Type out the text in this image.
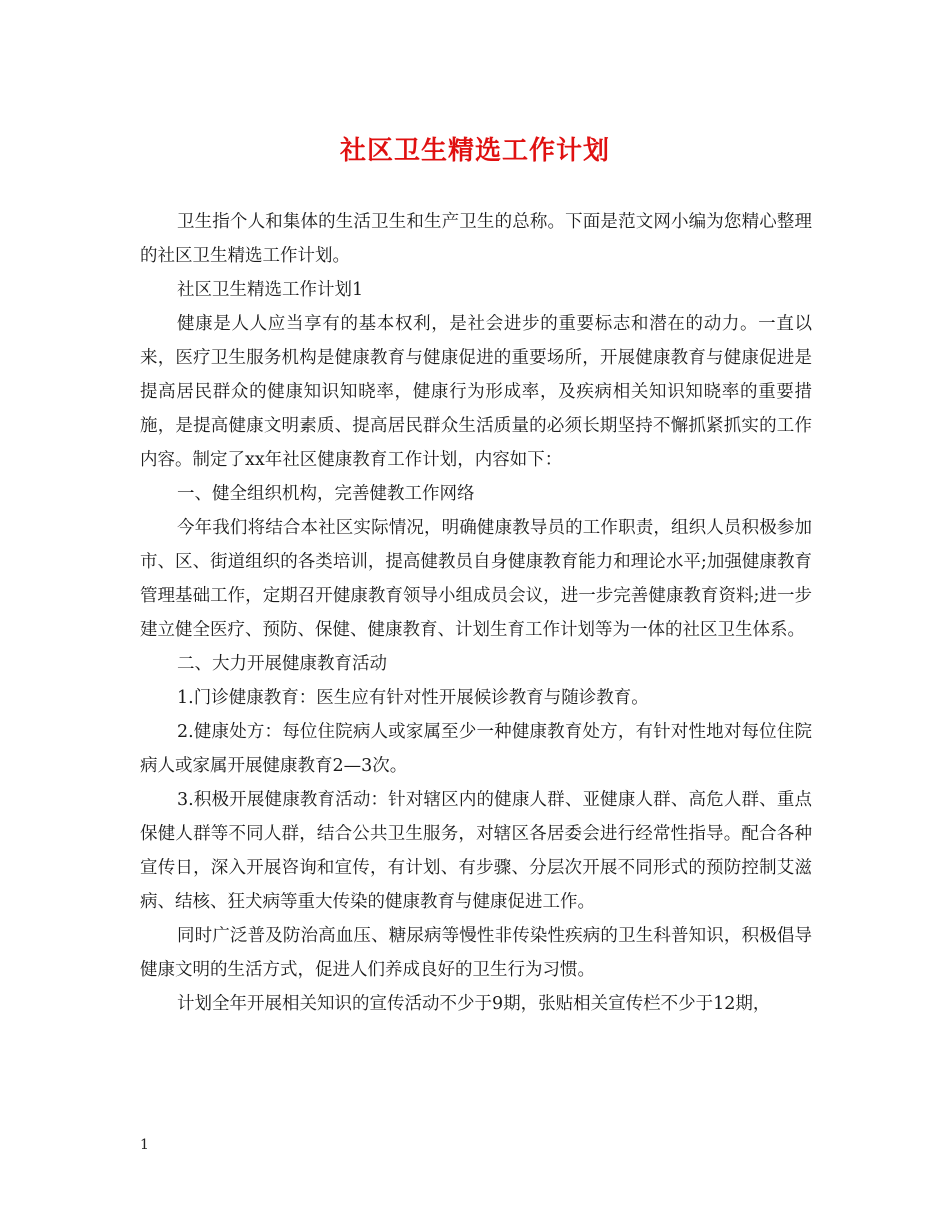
社区卫生精选工作计划

卫生指个人和集体的生活卫生和生产卫生的总称。下面是范文网小编为您精心整理的社区卫生精选工作计划。

社区卫生精选工作计划1

健康是人人应当享有的基本权利，是社会进步的重要标志和潜在的动力。一直以来，医疗卫生服务机构是健康教育与健康促进的重要场所，开展健康教育与健康促进是提高居民群众的健康知识知晓率，健康行为形成率，及疾病相关知识知晓率的重要措施，是提高健康文明素质、提高居民群众生活质量的必须长期坚持不懈抓紧抓实的工作内容。制定了xx年社区健康教育工作计划，内容如下：

一、健全组织机构，完善健教工作网络

今年我们将结合本社区实际情况，明确健康教导员的工作职责，组织人员积极参加市、区、街道组织的各类培训，提高健教员自身健康教育能力和理论水平;加强健康教育管理基础工作，定期召开健康教育领导小组成员会议，进一步完善健康教育资料;进一步建立健全医疗、预防、保健、健康教育、计划生育工作计划等为一体的社区卫生体系。

二、大力开展健康教育活动

1.门诊健康教育：医生应有针对性开展候诊教育与随诊教育。

2.健康处方：每位住院病人或家属至少一种健康教育处方，有针对性地对每位住院病人或家属开展健康教育2—3次。

3.积极开展健康教育活动：针对辖区内的健康人群、亚健康人群、高危人群、重点保健人群等不同人群，结合公共卫生服务，对辖区各居委会进行经常性指导。配合各种宣传日，深入开展咨询和宣传，有计划、有步骤、分层次开展不同形式的预防控制艾滋病、结核、狂犬病等重大传染的健康教育与健康促进工作。

同时广泛普及防治高血压、糖尿病等慢性非传染性疾病的卫生科普知识，积极倡导健康文明的生活方式，促进人们养成良好的卫生行为习惯。

计划全年开展相关知识的宣传活动不少于9期，张贴相关宣传栏不少于12期，

1
